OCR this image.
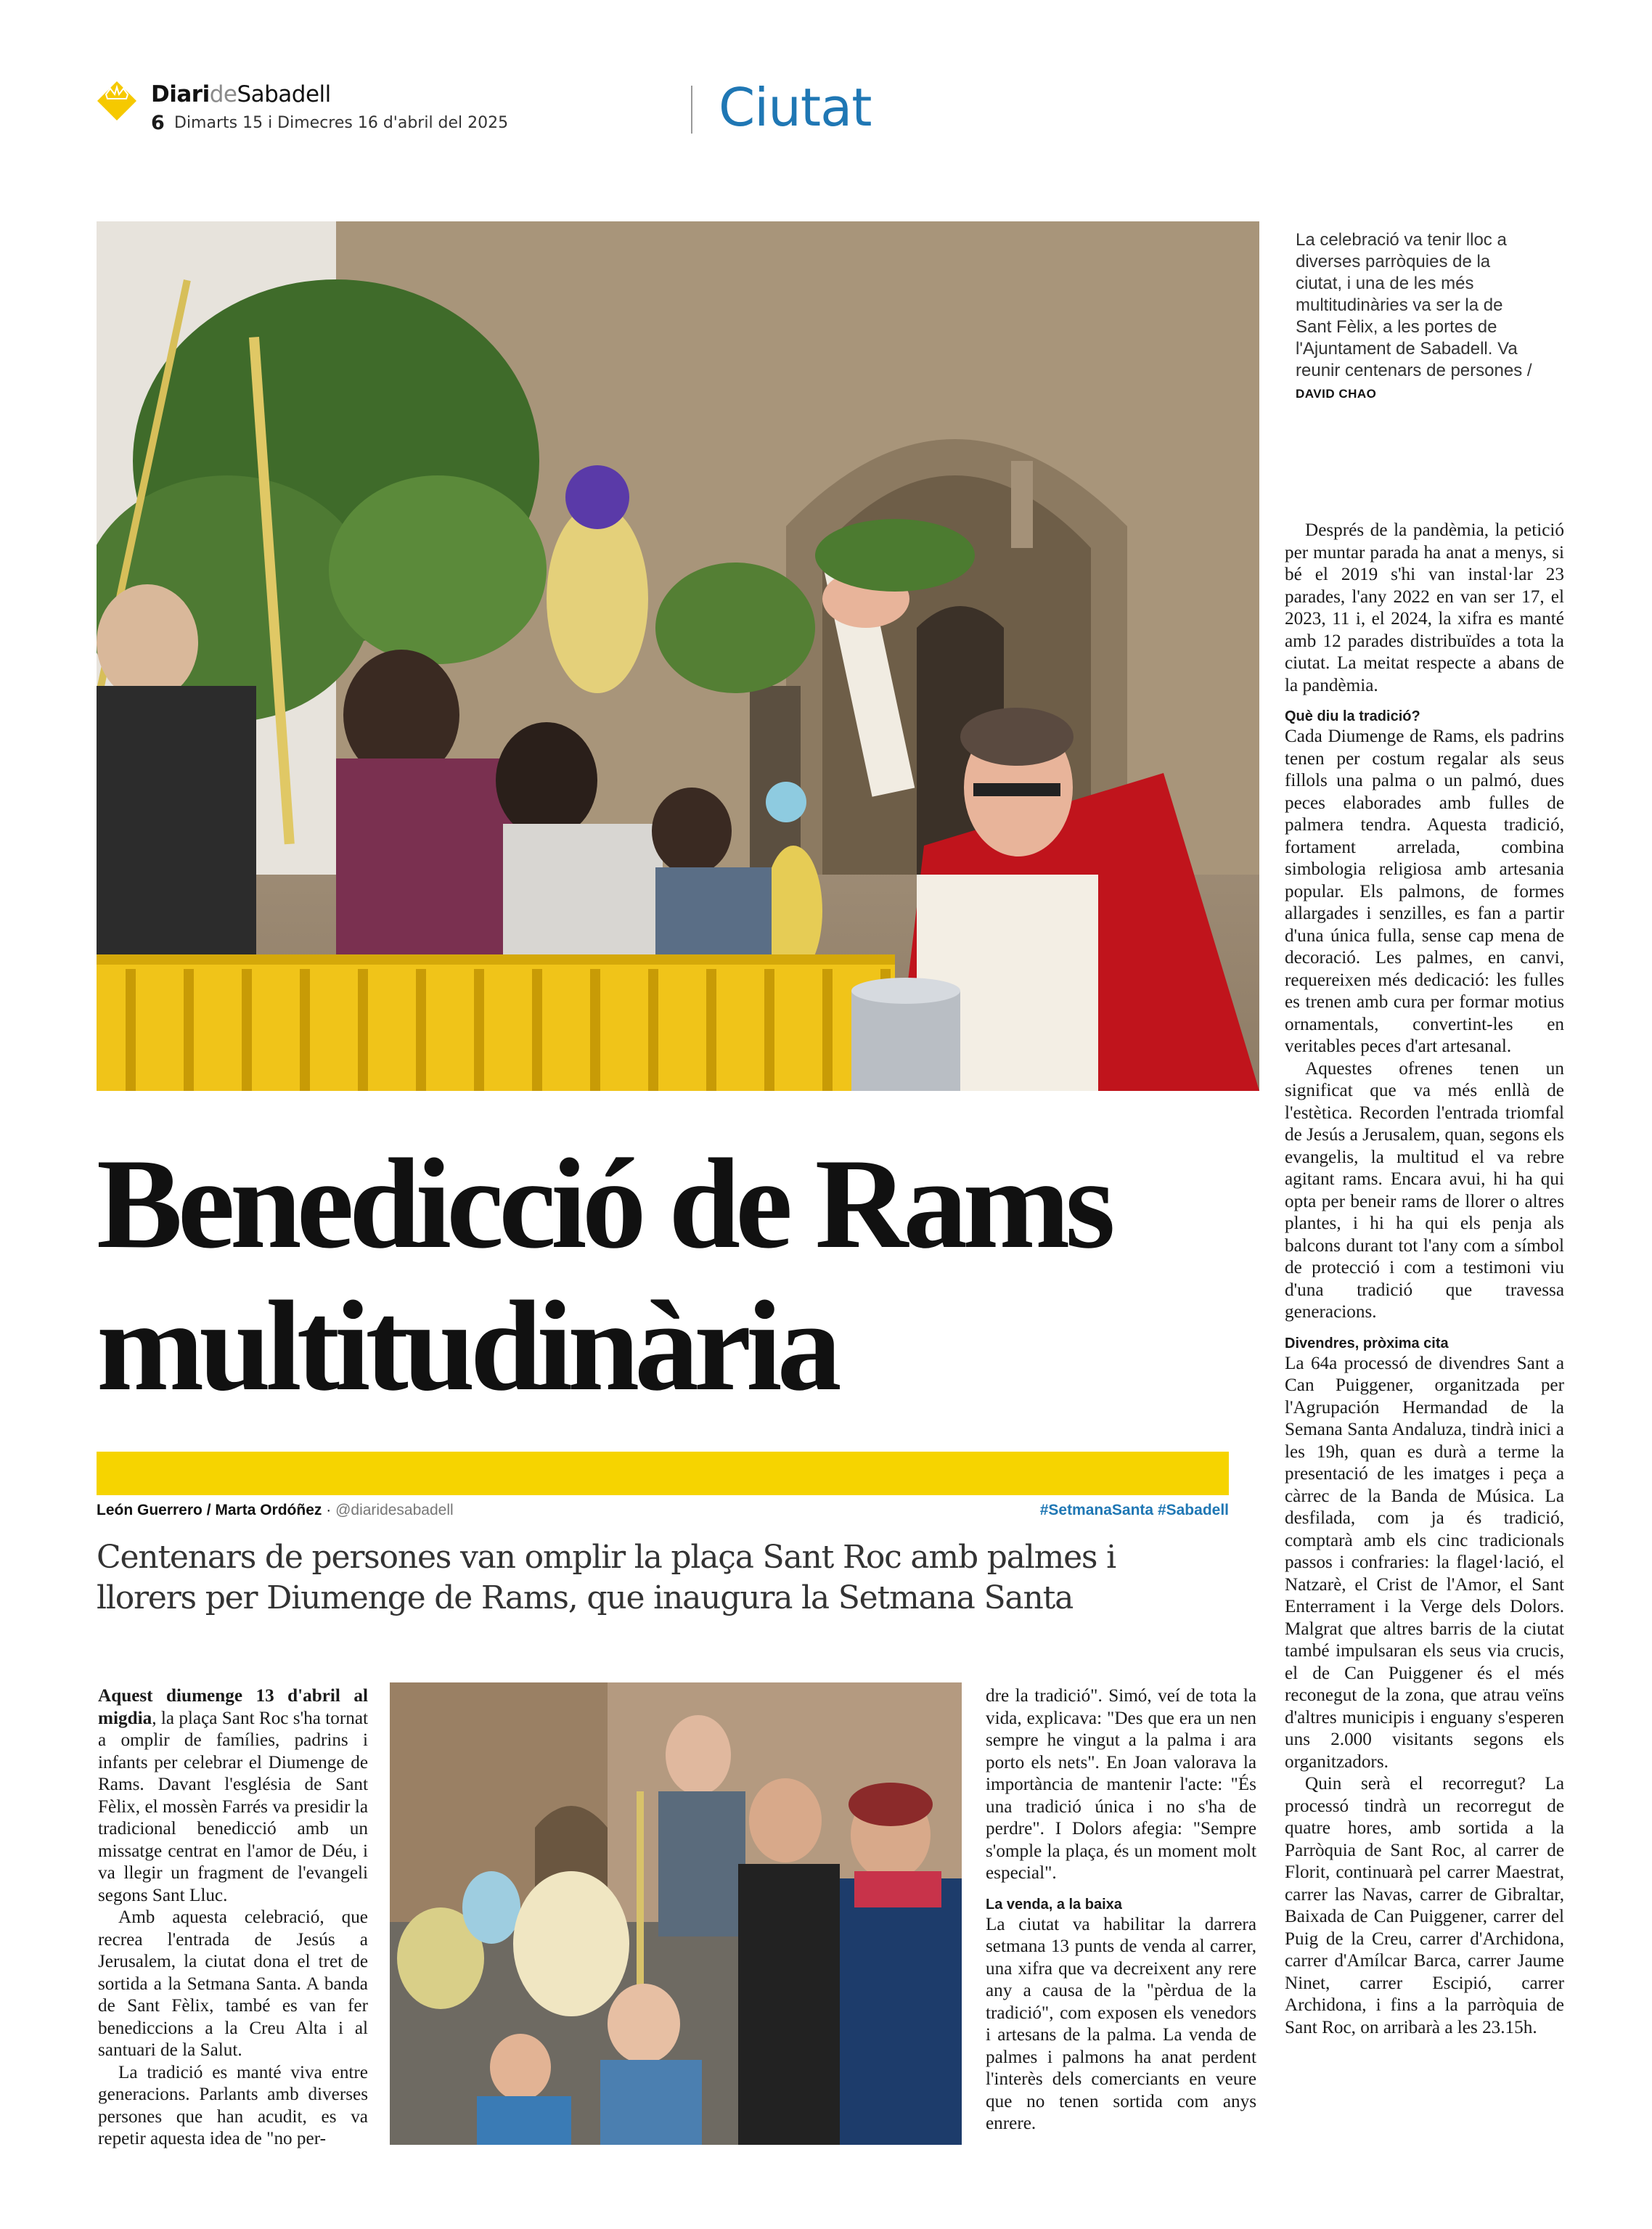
DiarideSabadell
6 Dimarts 15 i Dimecres 16 d'abril del 2025	Ciutat
La celebració va tenir lloc a diverses parròquies de la ciutat, i una de les més multitudinàries va ser la de Sant Fèlix, a les portes de l'Ajuntament de Sabadell. Va reunir centenars de persones / DAVID CHAO
Benedicció de Rams
multitudinària
León Guerrero / Marta Ordóñez · @diaridesabadell	#SetmanaSanta #Sabadell
Centenars de persones van omplir la plaça Sant Roc amb palmes i llorers per Diumenge de Rams, que inaugura la Setmana Santa

Aquest diumenge 13 d'abril al migdia, la plaça Sant Roc s'ha tornat a omplir de famílies, padrins i infants per celebrar el Diumenge de Rams. Davant l'església de Sant Fèlix, el mossèn Farrés va presidir la tradicional benedicció amb un missatge centrat en l'amor de Déu, i va llegir un fragment de l'evangeli segons Sant Lluc.

Amb aquesta celebració, que recrea l'entrada de Jesús a Jerusalem, la ciutat dona el tret de sortida a la Setmana Santa. A banda de Sant Fèlix, també es van fer benediccions a la Creu Alta i al santuari de la Salut.

La tradició es manté viva entre generacions. Parlants amb diverses persones que han acudit, es va repetir aquesta idea de "no per-

dre la tradició". Simó, veí de tota la vida, explicava: "Des que era un nen sempre he vingut a la palma i ara porto els nets". En Joan valorava la importància de mantenir l'acte: "És una tradició única i no s'ha de perdre". I Dolors afegia: "Sempre s'omple la plaça, és un moment molt especial".

La venda, a la baixa

La ciutat va habilitar la darrera setmana 13 punts de venda al carrer, una xifra que va decreixent any rere any a causa de la "pèrdua de la tradició", com exposen els venedors i artesans de la palma. La venda de palmes i palmons ha anat perdent l'interès dels comerciants en veure que no tenen sortida com anys enrere.

Després de la pandèmia, la petició per muntar parada ha anat a menys, si bé el 2019 s'hi van instal·lar 23 parades, l'any 2022 en van ser 17, el 2023, 11 i, el 2024, la xifra es manté amb 12 parades distribuïdes a tota la ciutat. La meitat respecte a abans de la pandèmia.

Què diu la tradició?

Cada Diumenge de Rams, els padrins tenen per costum regalar als seus fillols una palma o un palmó, dues peces elaborades amb fulles de palmera tendra. Aquesta tradició, fortament arrelada, combina simbologia religiosa amb artesania popular. Els palmons, de formes allargades i senzilles, es fan a partir d'una única fulla, sense cap mena de decoració. Les palmes, en canvi, requereixen més dedicació: les fulles es trenen amb cura per formar motius ornamentals, convertint-les en veritables peces d'art artesanal.

Aquestes ofrenes tenen un significat que va més enllà de l'estètica. Recorden l'entrada triomfal de Jesús a Jerusalem, quan, segons els evangelis, la multitud el va rebre agitant rams. Encara avui, hi ha qui opta per beneir rams de llorer o altres plantes, i hi ha qui els penja als balcons durant tot l'any com a símbol de protecció i com a testimoni viu d'una tradició que travessa generacions.

Divendres, pròxima cita

La 64a processó de divendres Sant a Can Puiggener, organitzada per l'Agrupación Hermandad de la Semana Santa Andaluza, tindrà inici a les 19h, quan es durà a terme la presentació de les imatges i peça a càrrec de la Banda de Música. La desfilada, com ja és tradició, comptarà amb els cinc tradicionals passos i confraries: la flagel·lació, el Natzarè, el Crist de l'Amor, el Sant Enterrament i la Verge dels Dolors. Malgrat que altres barris de la ciutat també impulsaran els seus via crucis, el de Can Puiggener és el més reconegut de la zona, que atrau veïns d'altres municipis i enguany s'esperen uns 2.000 visitants segons els organitzadors.

Quin serà el recorregut? La processó tindrà un recorregut de quatre hores, amb sortida a la Parròquia de Sant Roc, al carrer de Florit, continuarà pel carrer Maestrat, carrer las Navas, carrer de Gibraltar, Baixada de Can Puiggener, carrer del Puig de la Creu, carrer d'Archidona, carrer d'Amílcar Barca, carrer Jaume Ninet, carrer Escipió, carrer Archidona, i fins a la parròquia de Sant Roc, on arribarà a les 23.15h.
